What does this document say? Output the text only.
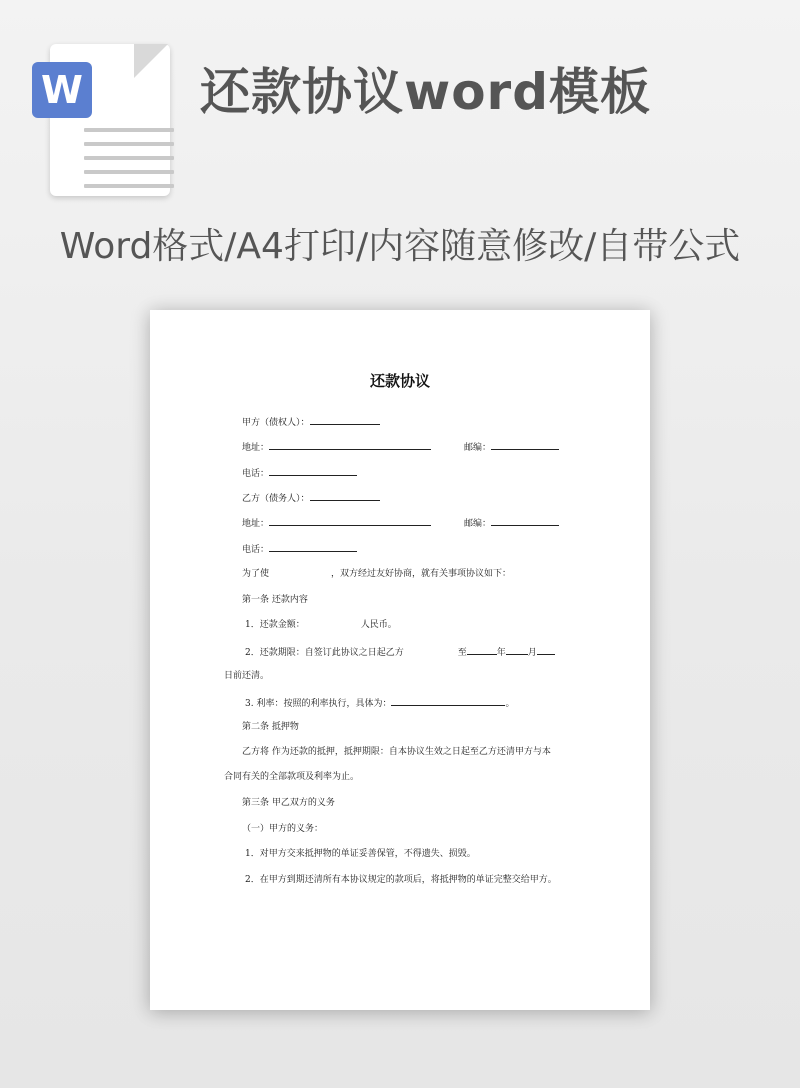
W 还款协议word模板
Word格式/A4打印/内容随意修改/自带公式
还款协议
甲方（债权人）：
地址：	邮编：
电话：
乙方（债务人）：
地址：	邮编：
电话：
为了使	，双方经过友好协商，就有关事项协议如下：
第一条 还款内容
1．还款金额：	人民币。
2．还款期限：自签订此协议之日起乙方	至	年 月
日前还清。
3. 利率：按照的利率执行，具体为：	。
第二条 抵押物
乙方将 作为还款的抵押，抵押期限：自本协议生效之日起至乙方还清甲方与本
合同有关的全部款项及利率为止。
第三条 甲乙双方的义务
（一）甲方的义务：
1．对甲方交来抵押物的单证妥善保管，不得遗失、损毁。
2．在甲方到期还清所有本协议规定的款项后，将抵押物的单证完整交给甲方。
